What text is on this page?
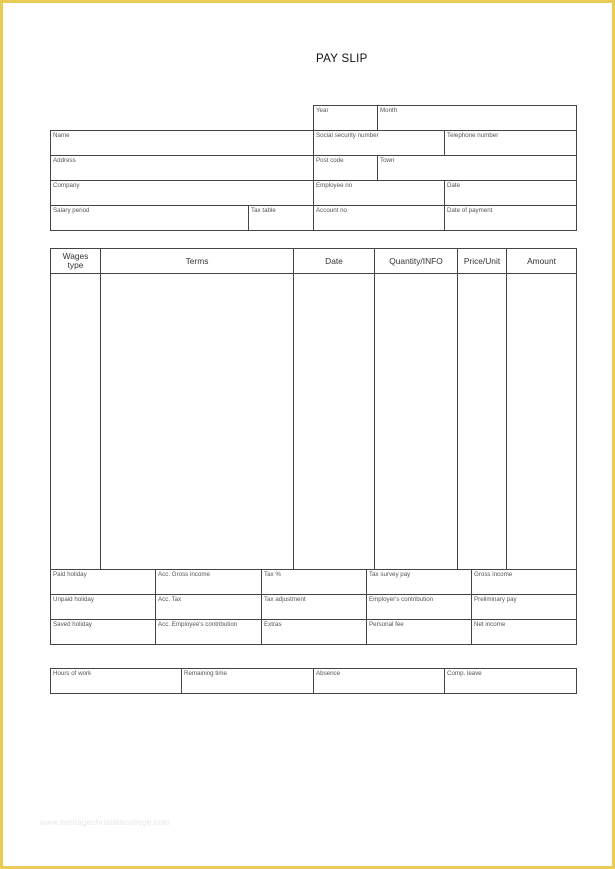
PAY SLIP
Year	Month
Name	Social security number	Telephone number
Address	Post code	Town
Company	Employee no	Date
Salary period	Tax table	Account no	Date of payment
Wages type	Terms	Date	Quantity/INFO	Price/Unit	Amount
Paid holiday	Acc. Gross income	Tax %	Tax survey pay	Gross income
Unpaid holiday	Acc. Tax	Tax adjustment	Employer's contribution	Preliminary pay
Saved holiday	Acc. Employee's contribution	Extras	Personal fee	Net income
Hours of work	Remaining time	Absence	Comp. leave
www.heritagechristiancollege.com
